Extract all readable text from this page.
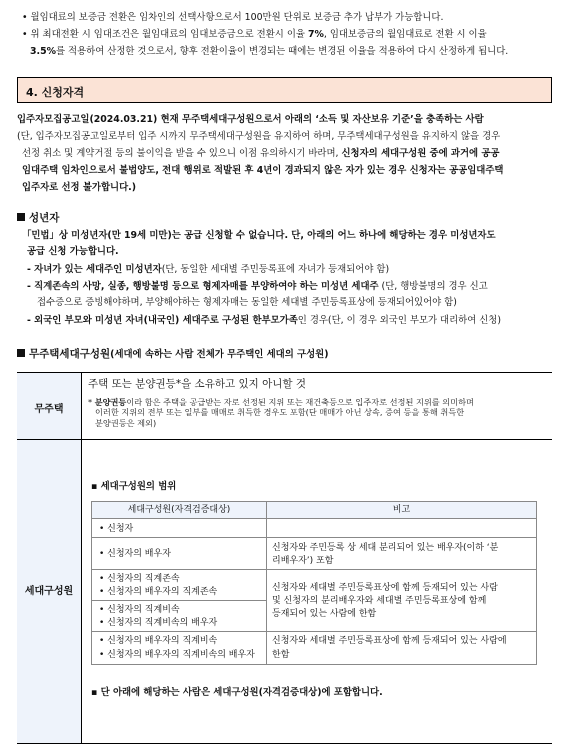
• 월임대료의 보증금 전환은 임차인의 선택사항으로서 100만원 단위로 보증금 추가 납부가 가능합니다.
• 위 최대전환 시 임대조건은 월임대료의 임대보증금으로 전환시 이율 7%, 임대보증금의 월임대료로 전환 시 이율
3.5%를 적용하여 산정한 것으로서, 향후 전환이율이 변경되는 때에는 변경된 이율을 적용하여 다시 산정하게 됩니다.
4. 신청자격
입주자모집공고일(2024.03.21) 현재 무주택세대구성원으로서 아래의 ‘소득 및 자산보유 기준’을 충족하는 사람
(단, 입주자모집공고일로부터 입주 시까지 무주택세대구성원을 유지하여 하며, 무주택세대구성원을 유지하지 않을 경우
선정 취소 및 계약거절 등의 불이익을 받을 수 있으니 이점 유의하시기 바라며, 신청자의 세대구성원 중에 과거에 공공
임대주택 임차인으로서 불법양도, 전대 행위로 적발된 후 4년이 경과되지 않은 자가 있는 경우 신청자는 공공임대주택
입주자로 선정 불가합니다.)
성년자
「민법」상 미성년자(만 19세 미만)는 공급 신청할 수 없습니다. 단, 아래의 어느 하나에 해당하는 경우 미성년자도
공급 신청 가능합니다.
- 자녀가 있는 세대주인 미성년자(단, 동일한 세대별 주민등록표에 자녀가 등재되어야 함)
- 직계존속의 사망, 실종, 행방불명 등으로 형제자매를 부양하여야 하는 미성년 세대주 (단, 행방불명의 경우 신고
접수증으로 증빙해야하며, 부양해야하는 형제자매는 동일한 세대별 주민등록표상에 등재되어있어야 함)
- 외국인 부모와 미성년 자녀(내국인) 세대주로 구성된 한부모가족인 경우(단, 이 경우 외국인 부모가 대리하여 신청)
무주택세대구성원(세대에 속하는 사람 전체가 무주택인 세대의 구성원)
무주택
세대구성원
주택 또는 분양권등*을 소유하고 있지 아니할 것
* 분양권등이라 함은 주택을 공급받는 자로 선정된 지위 또는 재건축등으로 입주자로 선정된 지위를 의미하며
이러한 지위의 전부 또는 일부를 매매로 취득한 경우도 포함(단 매매가 아닌 상속, 증여 등을 통해 취득한
분양권등은 제외)
▪ 세대구성원의 범위
세대구성원(자격검증대상)	비고
• 신청자
• 신청자의 배우자
신청자와 주민등록 상 세대 분리되어 있는 배우자(이하 ‘분
리배우자’) 포함
• 신청자의 직계존속
• 신청자의 배우자의 직계존속
• 신청자의 직계비속
• 신청자의 직계비속의 배우자
신청자와 세대별 주민등록표상에 함께 등재되어 있는 사람
및 신청자의 분리배우자와 세대별 주민등록표상에 함께
등재되어 있는 사람에 한함
• 신청자의 배우자의 직계비속
• 신청자의 배우자의 직계비속의 배우자
신청자와 세대별 주민등록표상에 함께 등재되어 있는 사람에
한함
▪ 단 아래에 해당하는 사람은 세대구성원(자격검증대상)에 포함합니다.
